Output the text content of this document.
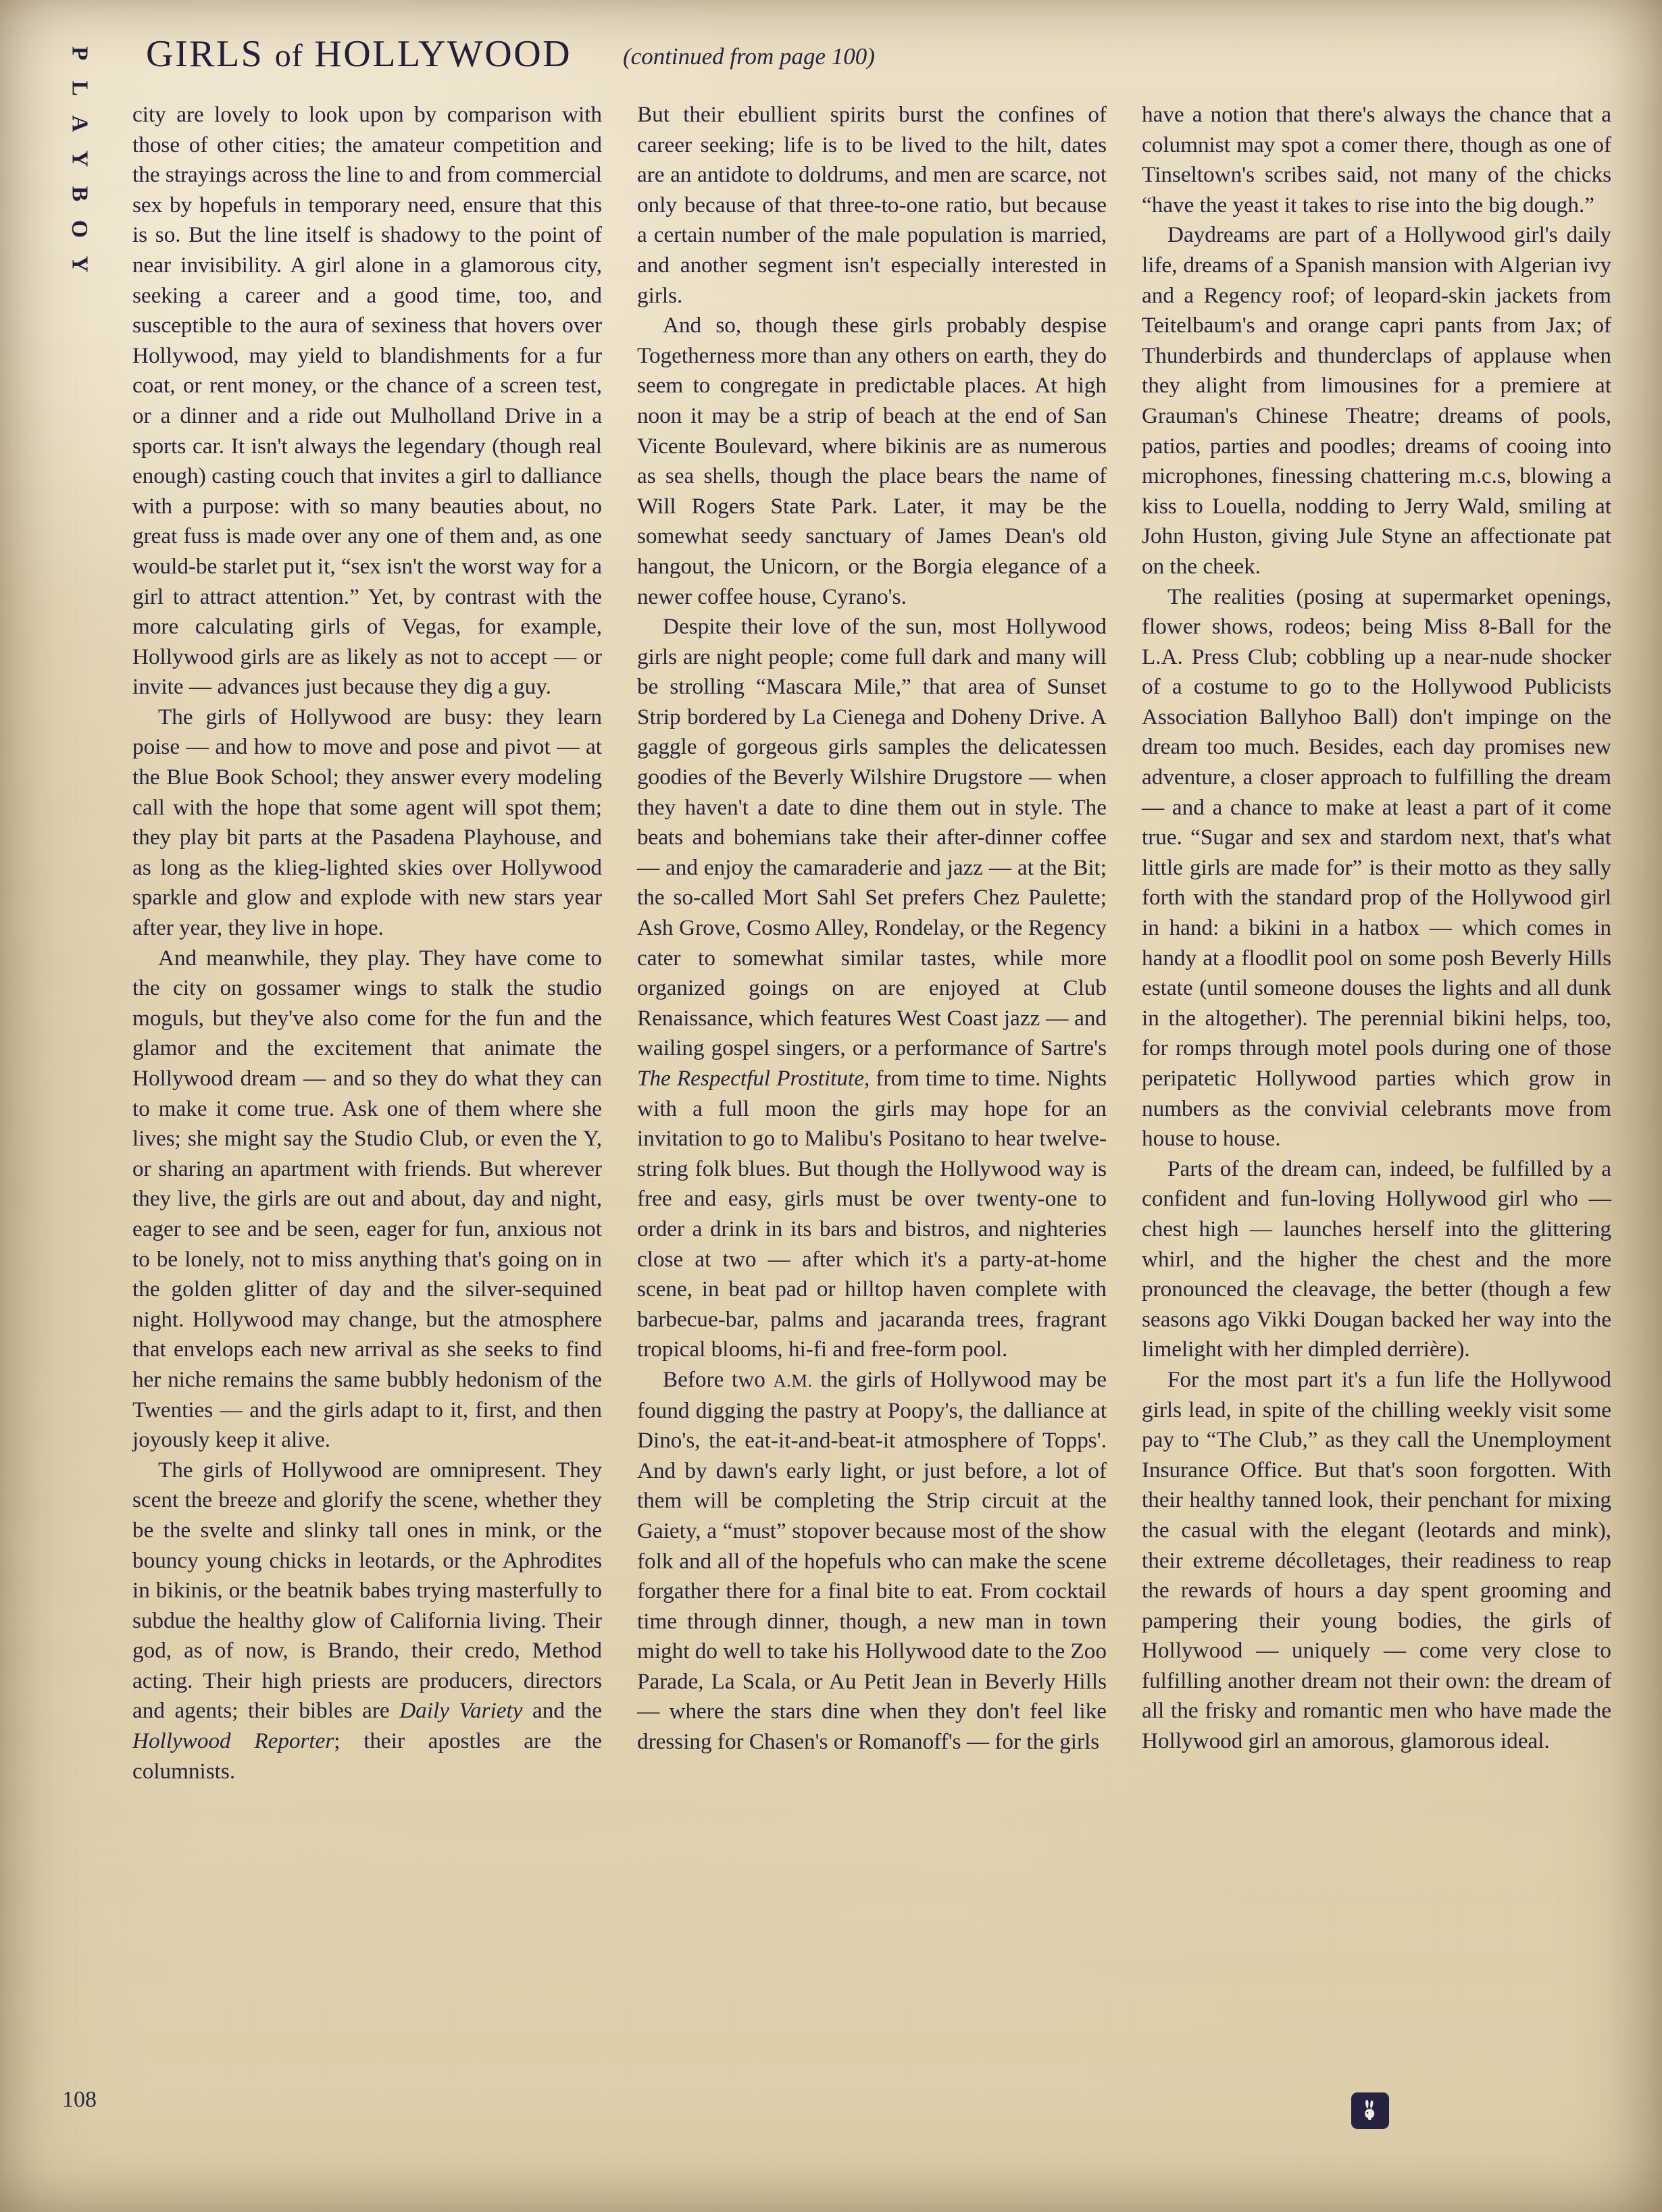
P
L
A
Y
B
O
Y
GIRLS of HOLLYWOOD (continued from page 100)

city are lovely to look upon by comparison with those of other cities; the amateur competition and the strayings across the line to and from commercial sex by hopefuls in temporary need, ensure that this is so. But the line itself is shadowy to the point of near invisibility. A girl alone in a glamorous city, seeking a career and a good time, too, and susceptible to the aura of sexiness that hovers over Hollywood, may yield to blandishments for a fur coat, or rent money, or the chance of a screen test, or a dinner and a ride out Mulholland Drive in a sports car. It isn't always the legendary (though real enough) casting couch that invites a girl to dalliance with a purpose: with so many beauties about, no great fuss is made over any one of them and, as one would-be starlet put it, “sex isn't the worst way for a girl to attract attention.” Yet, by contrast with the more calculating girls of Vegas, for example, Hollywood girls are as likely as not to accept — or invite — advances just because they dig a guy.

The girls of Hollywood are busy: they learn poise — and how to move and pose and pivot — at the Blue Book School; they answer every modeling call with the hope that some agent will spot them; they play bit parts at the Pasadena Playhouse, and as long as the klieg-lighted skies over Hollywood sparkle and glow and explode with new stars year after year, they live in hope.

And meanwhile, they play. They have come to the city on gossamer wings to stalk the studio moguls, but they've also come for the fun and the glamor and the excitement that animate the Hollywood dream — and so they do what they can to make it come true. Ask one of them where she lives; she might say the Studio Club, or even the Y, or sharing an apartment with friends. But wherever they live, the girls are out and about, day and night, eager to see and be seen, eager for fun, anxious not to be lonely, not to miss anything that's going on in the golden glitter of day and the silver-sequined night. Hollywood may change, but the atmosphere that envelops each new arrival as she seeks to find her niche remains the same bubbly hedonism of the Twenties — and the girls adapt to it, first, and then joyously keep it alive.

The girls of Hollywood are omnipresent. They scent the breeze and glorify the scene, whether they be the svelte and slinky tall ones in mink, or the bouncy young chicks in leotards, or the Aphrodites in bikinis, or the beatnik babes trying masterfully to subdue the healthy glow of California living. Their god, as of now, is Brando, their credo, Method acting. Their high priests are producers, directors and agents; their bibles are Daily Variety and the Hollywood Reporter; their apostles are the columnists.

But their ebullient spirits burst the confines of career seeking; life is to be lived to the hilt, dates are an antidote to doldrums, and men are scarce, not only because of that three-to-one ratio, but because a certain number of the male population is married, and another segment isn't especially interested in girls.

And so, though these girls probably despise Togetherness more than any others on earth, they do seem to congregate in predictable places. At high noon it may be a strip of beach at the end of San Vicente Boulevard, where bikinis are as numerous as sea shells, though the place bears the name of Will Rogers State Park. Later, it may be the somewhat seedy sanctuary of James Dean's old hangout, the Unicorn, or the Borgia elegance of a newer coffee house, Cyrano's.

Despite their love of the sun, most Hollywood girls are night people; come full dark and many will be strolling “Mascara Mile,” that area of Sunset Strip bordered by La Cienega and Doheny Drive. A gaggle of gorgeous girls samples the delicatessen goodies of the Beverly Wilshire Drugstore — when they haven't a date to dine them out in style. The beats and bohemians take their after-dinner coffee — and enjoy the camaraderie and jazz — at the Bit; the so-called Mort Sahl Set prefers Chez Paulette; Ash Grove, Cosmo Alley, Rondelay, or the Regency cater to somewhat similar tastes, while more organized goings on are enjoyed at Club Renaissance, which features West Coast jazz — and wailing gospel singers, or a performance of Sartre's The Respectful Prostitute, from time to time. Nights with a full moon the girls may hope for an invitation to go to Malibu's Positano to hear twelve-string folk blues. But though the Hollywood way is free and easy, girls must be over twenty-one to order a drink in its bars and bistros, and nighteries close at two — after which it's a party-at-home scene, in beat pad or hilltop haven complete with barbecue-bar, palms and jacaranda trees, fragrant tropical blooms, hi-fi and free-form pool.

Before two A.M. the girls of Hollywood may be found digging the pastry at Poopy's, the dalliance at Dino's, the eat-it-and-beat-it atmosphere of Topps'. And by dawn's early light, or just before, a lot of them will be completing the Strip circuit at the Gaiety, a “must” stopover because most of the show folk and all of the hopefuls who can make the scene forgather there for a final bite to eat. From cocktail time through dinner, though, a new man in town might do well to take his Hollywood date to the Zoo Parade, La Scala, or Au Petit Jean in Beverly Hills — where the stars dine when they don't feel like dressing for Chasen's or Romanoff's — for the girls

have a notion that there's always the chance that a columnist may spot a comer there, though as one of Tinseltown's scribes said, not many of the chicks “have the yeast it takes to rise into the big dough.”

Daydreams are part of a Hollywood girl's daily life, dreams of a Spanish mansion with Algerian ivy and a Regency roof; of leopard-skin jackets from Teitelbaum's and orange capri pants from Jax; of Thunderbirds and thunderclaps of applause when they alight from limousines for a premiere at Grauman's Chinese Theatre; dreams of pools, patios, parties and poodles; dreams of cooing into microphones, finessing chattering m.c.s, blowing a kiss to Louella, nodding to Jerry Wald, smiling at John Huston, giving Jule Styne an affectionate pat on the cheek.

The realities (posing at supermarket openings, flower shows, rodeos; being Miss 8-Ball for the L.A. Press Club; cobbling up a near-nude shocker of a costume to go to the Hollywood Publicists Association Ballyhoo Ball) don't impinge on the dream too much. Besides, each day promises new adventure, a closer approach to fulfilling the dream — and a chance to make at least a part of it come true. “Sugar and sex and stardom next, that's what little girls are made for” is their motto as they sally forth with the standard prop of the Hollywood girl in hand: a bikini in a hatbox — which comes in handy at a floodlit pool on some posh Beverly Hills estate (until someone douses the lights and all dunk in the altogether). The perennial bikini helps, too, for romps through motel pools during one of those peripatetic Hollywood parties which grow in numbers as the convivial celebrants move from house to house.

Parts of the dream can, indeed, be fulfilled by a confident and fun-loving Hollywood girl who — chest high — launches herself into the glittering whirl, and the higher the chest and the more pronounced the cleavage, the better (though a few seasons ago Vikki Dougan backed her way into the limelight with her dimpled derrière).

For the most part it's a fun life the Hollywood girls lead, in spite of the chilling weekly visit some pay to “The Club,” as they call the Unemployment Insurance Office. But that's soon forgotten. With their healthy tanned look, their penchant for mixing the casual with the elegant (leotards and mink), their extreme décolletages, their readiness to reap the rewards of hours a day spent grooming and pampering their young bodies, the girls of Hollywood — uniquely — come very close to fulfilling another dream not their own: the dream of all the frisky and romantic men who have made the Hollywood girl an amorous, glamorous ideal.

108
